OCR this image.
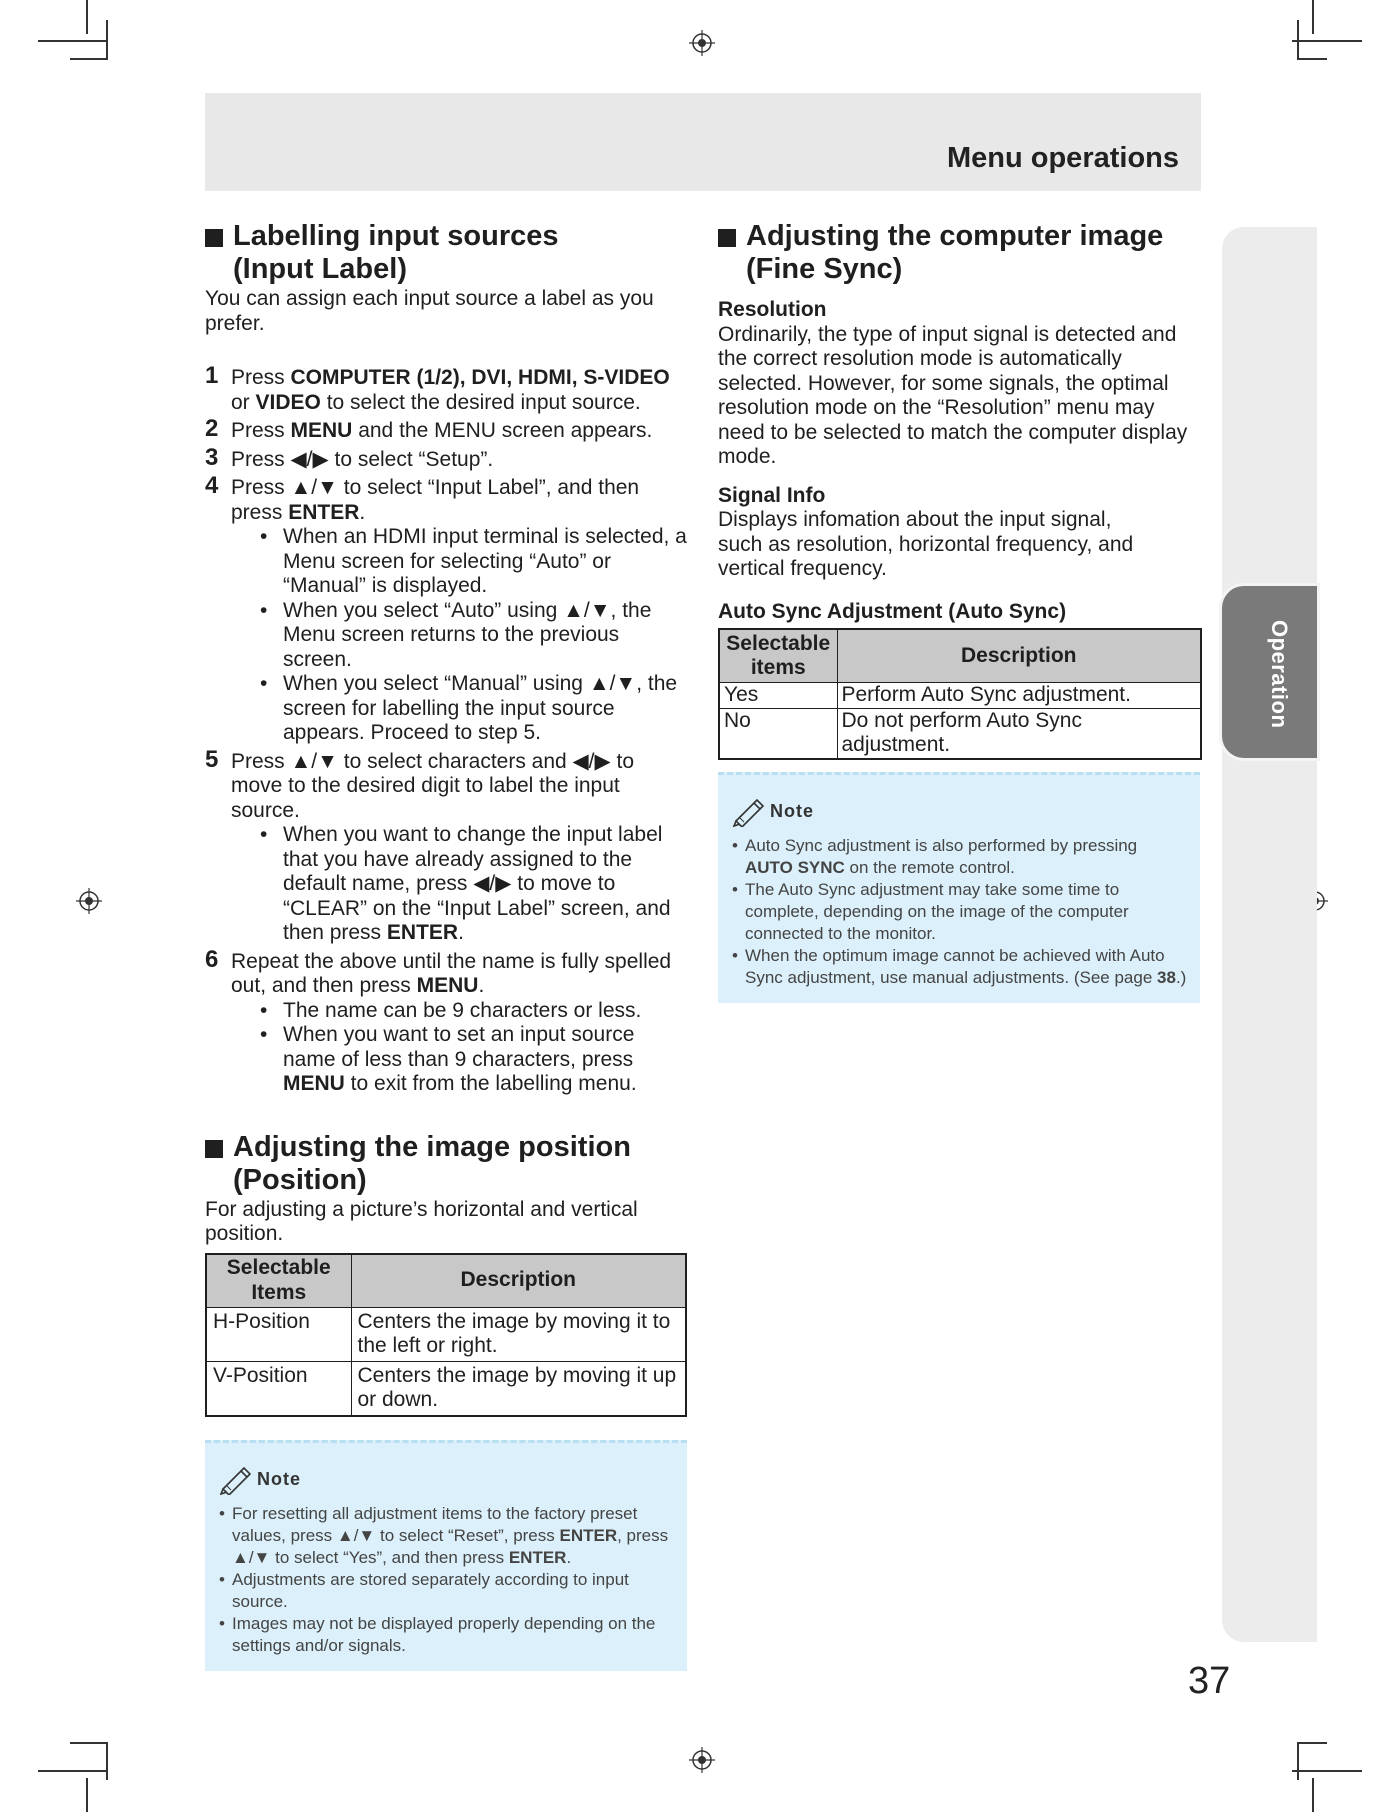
Menu operations
Operation
Labelling input sources
(Input Label)

You can assign each input source a label as you prefer.

1 Press COMPUTER (1/2), DVI, HDMI, S-VIDEO or VIDEO to select the desired input source.
2 Press MENU and the MENU screen appears.
3 Press ◀/▶ to select “Setup”.
4 Press ▲/▼ to select “Input Label”, and then press ENTER.
• When an HDMI input terminal is selected, a Menu screen for selecting “Auto” or “Manual” is displayed.
• When you select “Auto” using ▲/▼, the Menu screen returns to the previous screen.
• When you select “Manual” using ▲/▼, the screen for labelling the input source appears. Proceed to step 5.
5 Press ▲/▼ to select characters and ◀/▶ to move to the desired digit to label the input source.
• When you want to change the input label that you have already assigned to the default name, press ◀/▶ to move to “CLEAR” on the “Input Label” screen, and then press ENTER.
6 Repeat the above until the name is fully spelled out, and then press MENU.
• The name can be 9 characters or less.
• When you want to set an input source name of less than 9 characters, press MENU to exit from the labelling menu.
Adjusting the image position
(Position)

For adjusting a picture’s horizontal and vertical position.

Selectable Items	Description
H-Position	Centers the image by moving it to the left or right.
V-Position	Centers the image by moving it up or down.
Note
• For resetting all adjustment items to the factory preset values, press ▲/▼ to select “Reset”, press ENTER, press ▲/▼ to select “Yes”, and then press ENTER.
• Adjustments are stored separately according to input source.
• Images may not be displayed properly depending on the settings and/or signals.
Adjusting the computer image
(Fine Sync)
Resolution
Ordinarily, the type of input signal is detected and the correct resolution mode is automatically selected. However, for some signals, the optimal resolution mode on the “Resolution” menu may need to be selected to match the computer display mode.
Signal Info
Displays infomation about the input signal, such as resolution, horizontal frequency, and vertical frequency.
Auto Sync Adjustment (Auto Sync)
Selectable items	Description
Yes	Perform Auto Sync adjustment.
No	Do not perform Auto Sync adjustment.
Note
• Auto Sync adjustment is also performed by pressing AUTO SYNC on the remote control.
• The Auto Sync adjustment may take some time to complete, depending on the image of the computer connected to the monitor.
• When the optimum image cannot be achieved with Auto Sync adjustment, use manual adjustments. (See page 38.)
37
